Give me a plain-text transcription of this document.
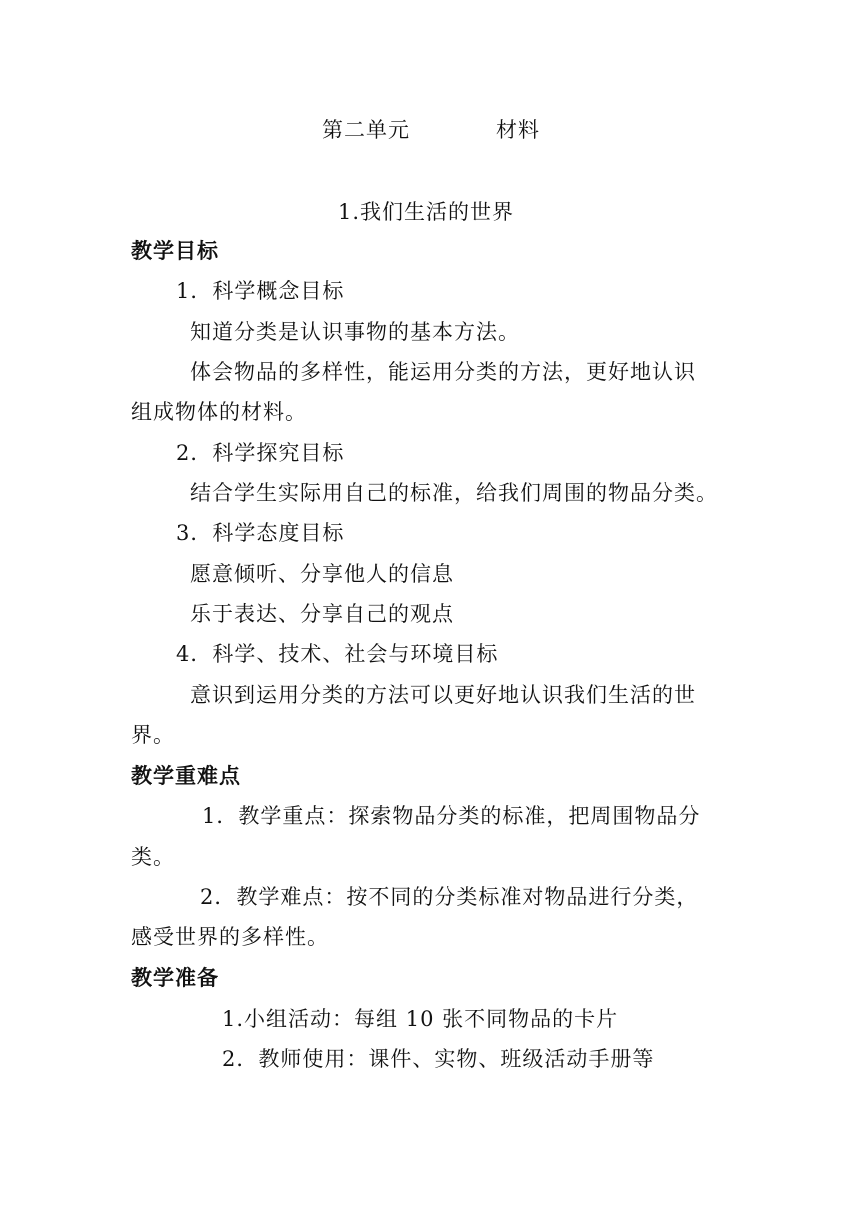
第二单元	材料
1.我们生活的世界
教学目标
1．科学概念目标
知道分类是认识事物的基本方法。
体会物品的多样性，能运用分类的方法，更好地认识
组成物体的材料。
2．科学探究目标
结合学生实际用自己的标准，给我们周围的物品分类。
3．科学态度目标
愿意倾听、分享他人的信息
乐于表达、分享自己的观点
4．科学、技术、社会与环境目标
意识到运用分类的方法可以更好地认识我们生活的世
界。
教学重难点
1．教学重点：探索物品分类的标准，把周围物品分
类。
2．教学难点：按不同的分类标准对物品进行分类，
感受世界的多样性。
教学准备
1.小组活动：每组 10 张不同物品的卡片
2．教师使用：课件、实物、班级活动手册等
